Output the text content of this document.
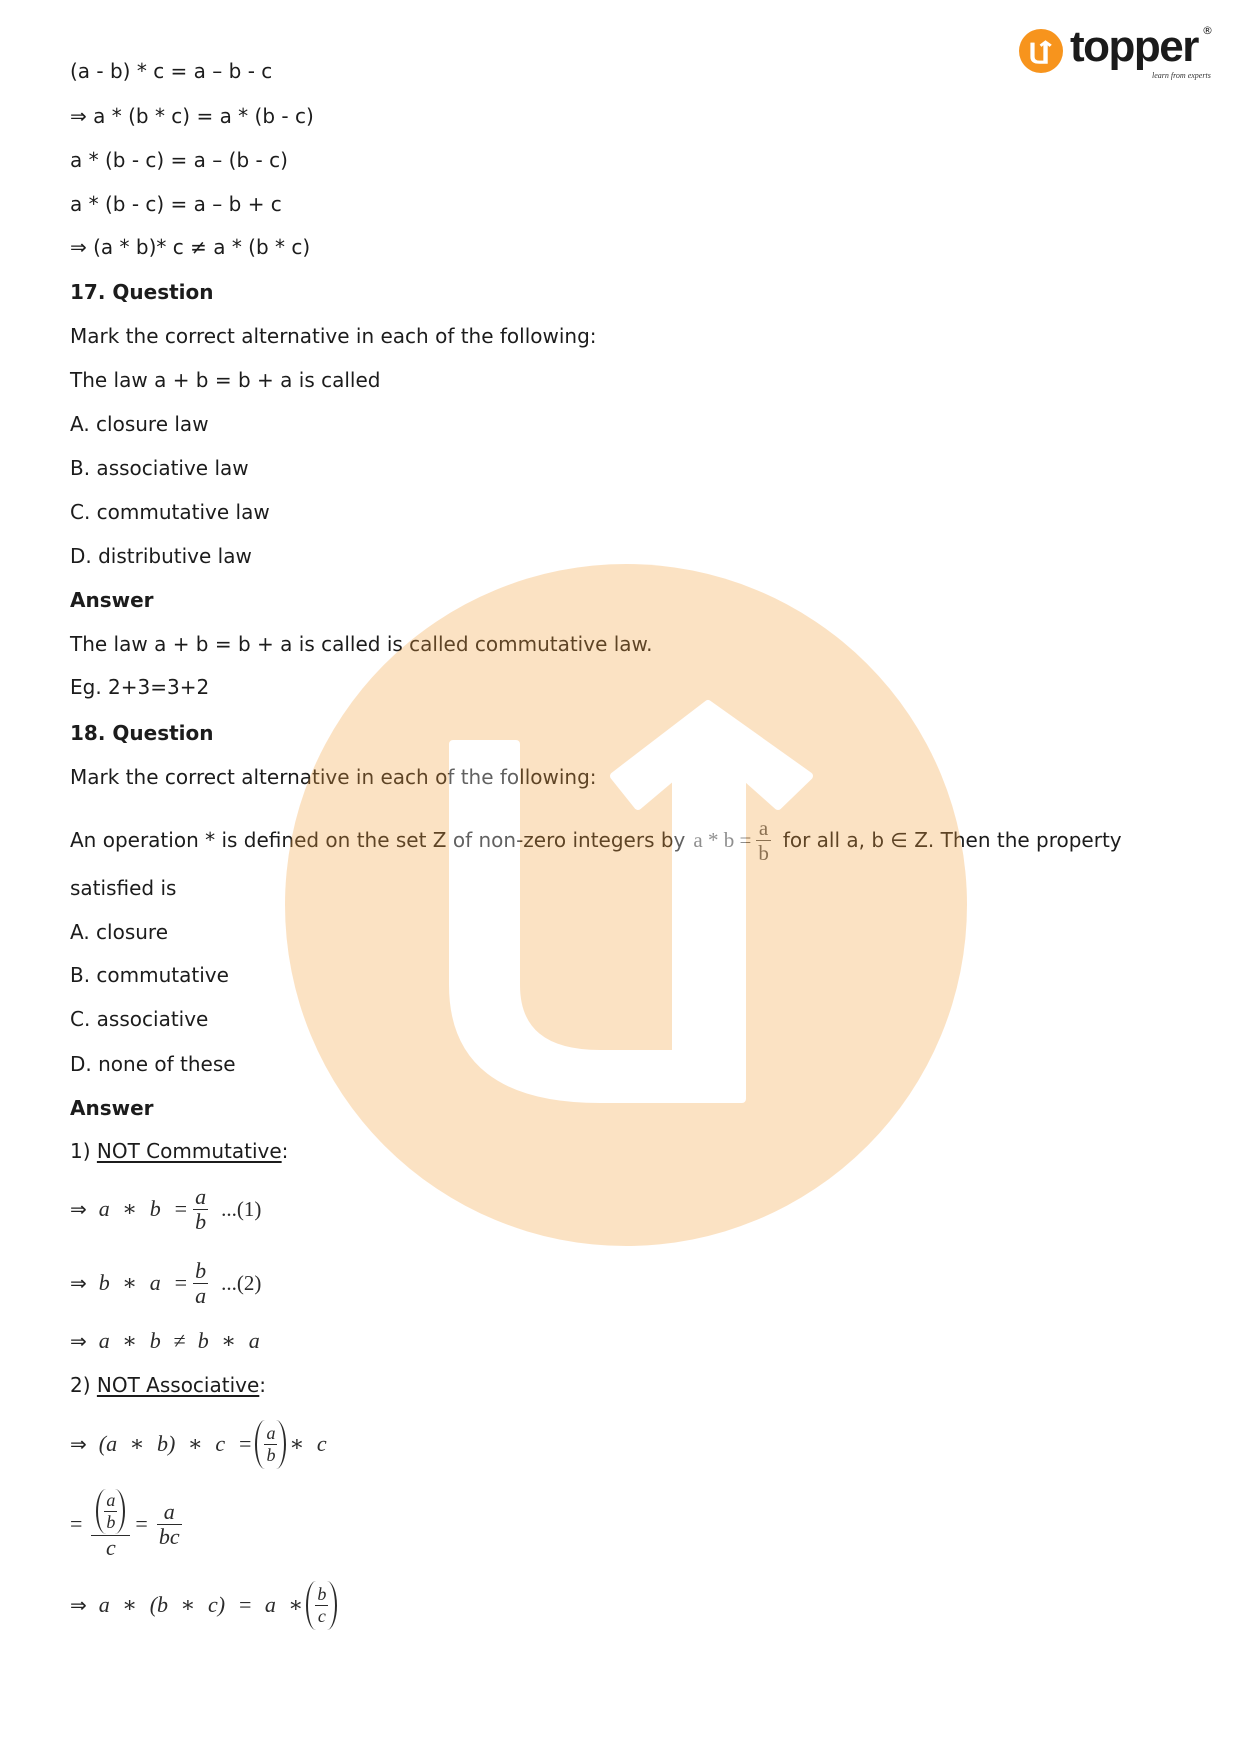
topper ®
learn from experts
(a - b) * c = a – b - c
⇒ a * (b * c) = a * (b - c)
a * (b - c) = a – (b - c)
a * (b - c) = a – b + c
⇒ (a * b)* c ≠ a * (b * c)
17. Question
Mark the correct alternative in each of the following:
The law a + b = b + a is called
A. closure law
B. associative law
C. commutative law
D. distributive law
Answer
The law a + b = b + a is called is called commutative law.
Eg. 2+3=3+2
18. Question
Mark the correct alternative in each of the following:
An operation * is defined on the set Z of non-zero integers by $a * b = \frac{a}{b}$ for all a, b ∈ Z. Then the property
satisfied is
A. closure
B. commutative
C. associative
D. none of these
Answer
1) NOT Commutative:
⇒ a ∗ $b = \frac{a}{b} ...(1)$
⇒ b ∗ $a = \frac{b}{a} ...(2)$
⇒ a ∗ b ≠ b ∗ a
2) NOT Associative:
⇒ (a ∗ b) ∗ $c = \frac{a}{b}$ ∗ c
= $\frac{\frac{a}{b}}{c} = \frac{a}{bc}$
⇒ a ∗ (b ∗ c) = a ∗ $\frac{b}{c}$
